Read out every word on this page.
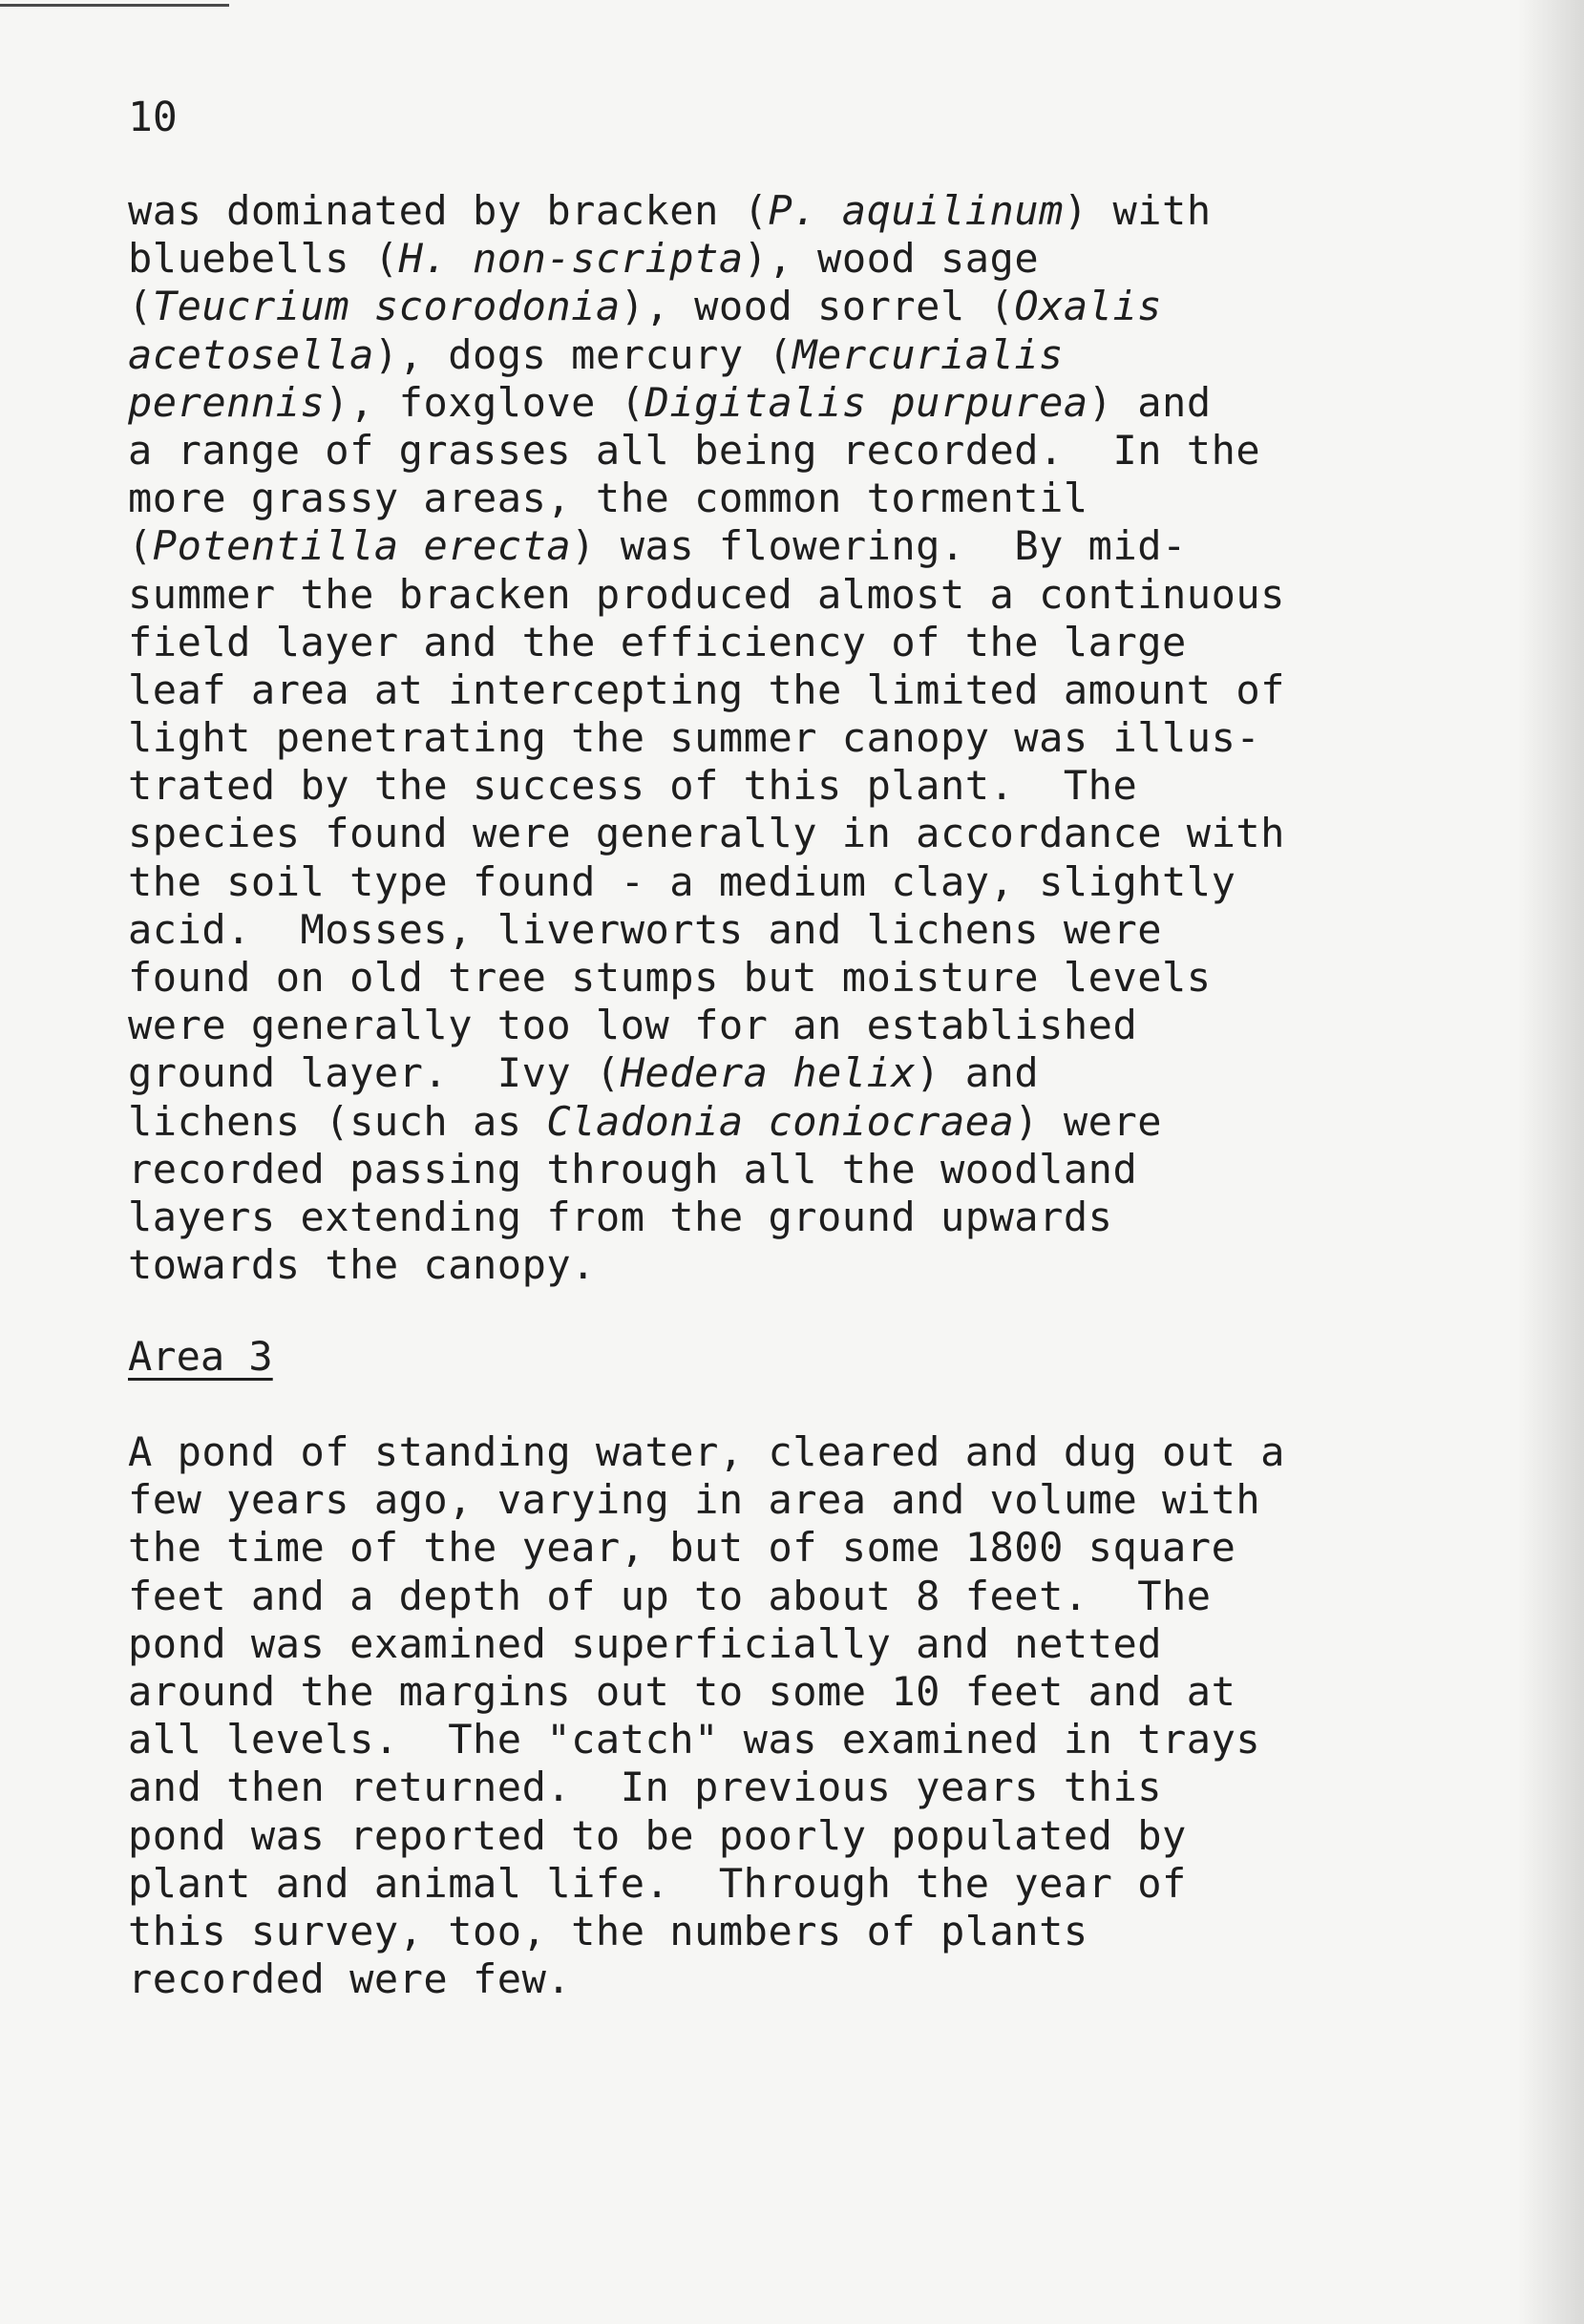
10
was dominated by bracken (P. aquilinum) with
bluebells (H. non-scripta), wood sage
(Teucrium scorodonia), wood sorrel (Oxalis
acetosella), dogs mercury (Mercurialis
perennis), foxglove (Digitalis purpurea) and
a range of grasses all being recorded.  In the
more grassy areas, the common tormentil
(Potentilla erecta) was flowering.  By mid-
summer the bracken produced almost a continuous
field layer and the efficiency of the large
leaf area at intercepting the limited amount of
light penetrating the summer canopy was illus-
trated by the success of this plant.  The
species found were generally in accordance with
the soil type found - a medium clay, slightly
acid.  Mosses, liverworts and lichens were
found on old tree stumps but moisture levels
were generally too low for an established
ground layer.  Ivy (Hedera helix) and
lichens (such as Cladonia coniocraea) were
recorded passing through all the woodland
layers extending from the ground upwards
towards the canopy.
Area 3
A pond of standing water, cleared and dug out a
few years ago, varying in area and volume with
the time of the year, but of some 1800 square
feet and a depth of up to about 8 feet.  The
pond was examined superficially and netted
around the margins out to some 10 feet and at
all levels.  The "catch" was examined in trays
and then returned.  In previous years this
pond was reported to be poorly populated by
plant and animal life.  Through the year of
this survey, too, the numbers of plants
recorded were few.
